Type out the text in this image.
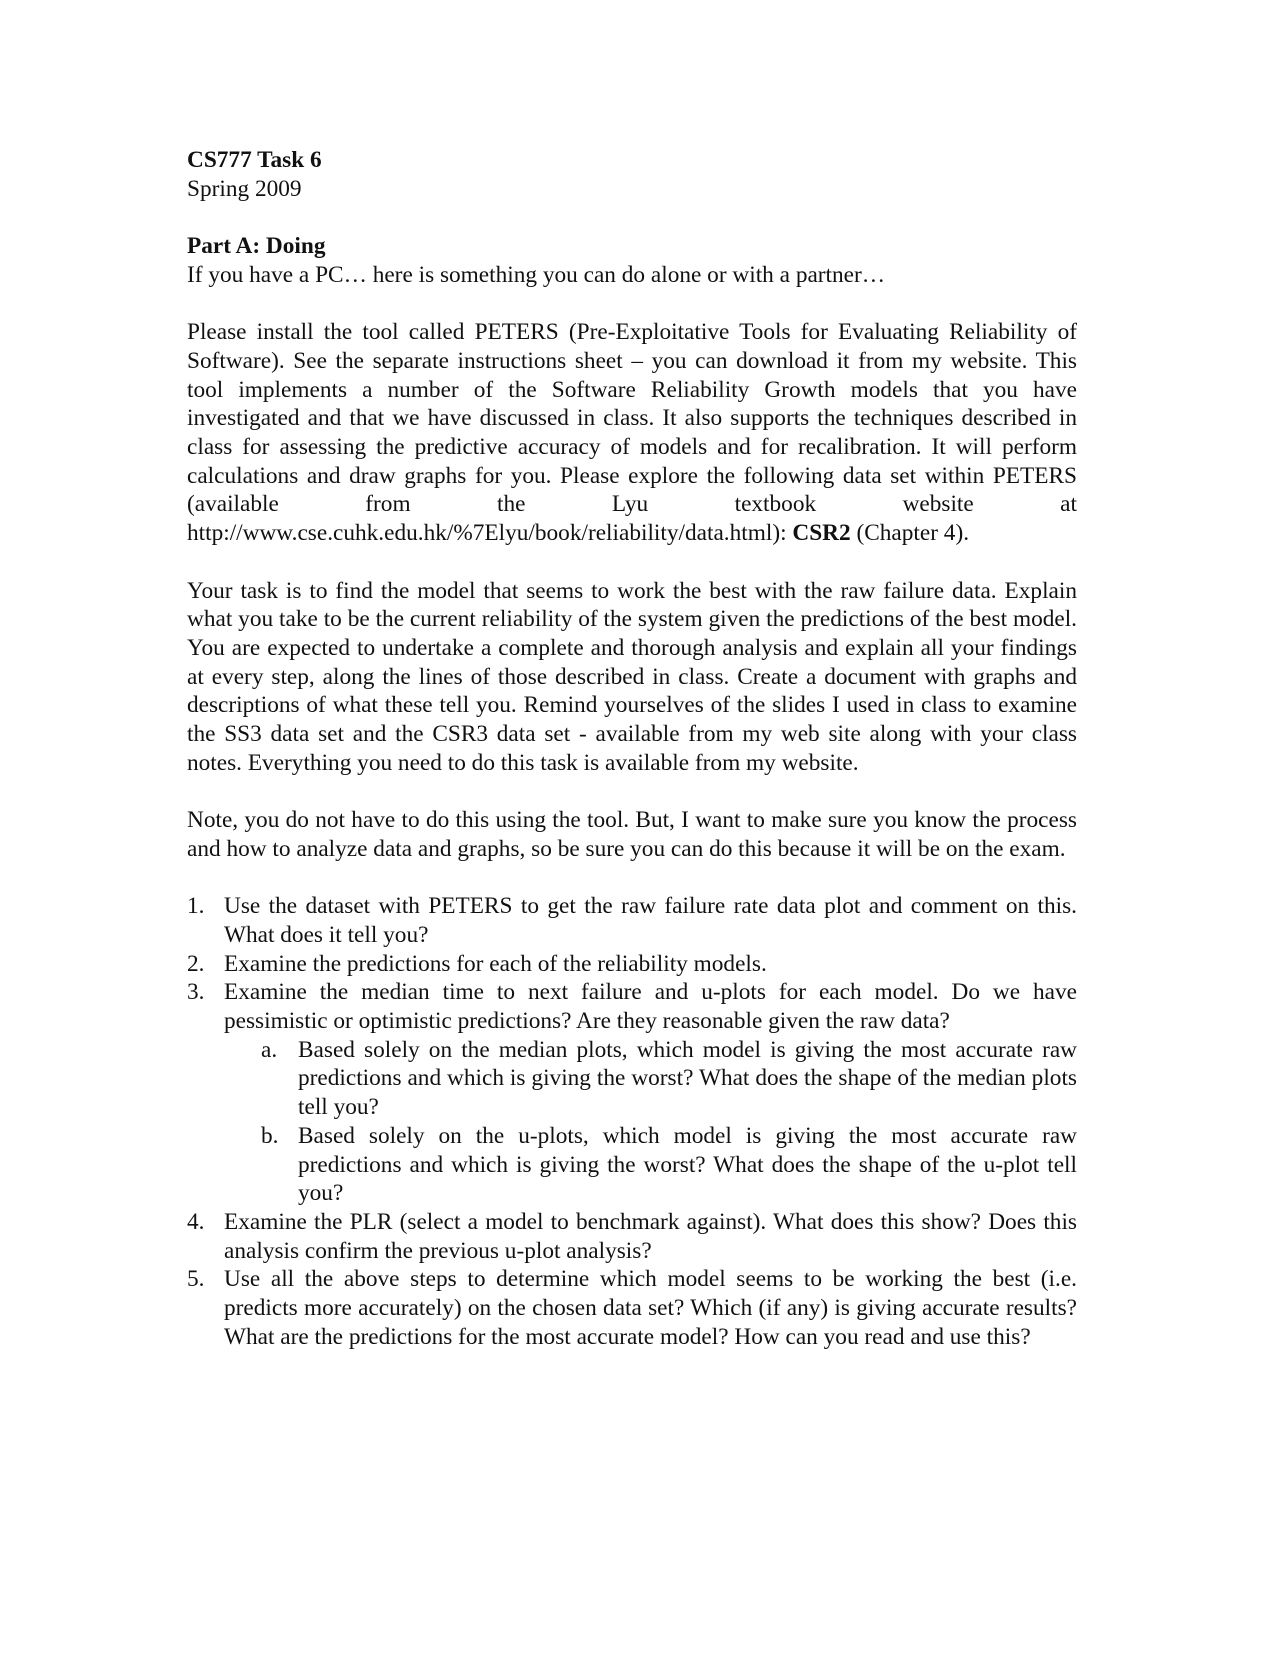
CS777 Task 6

Spring 2009

Part A: Doing

If you have a PC… here is something you can do alone or with a partner…

Please install the tool called PETERS (Pre-Exploitative Tools for Evaluating Reliability of Software). See the separate instructions sheet – you can download it from my website. This tool implements a number of the Software Reliability Growth models that you have investigated and that we have discussed in class. It also supports the techniques described in class for assessing the predictive accuracy of models and for recalibration. It will perform calculations and draw graphs for you. Please explore the following data set within PETERS (available from the Lyu textbook website at http://www.cse.cuhk.edu.hk/%7Elyu/book/reliability/data.html): CSR2 (Chapter 4).

Your task is to find the model that seems to work the best with the raw failure data. Explain what you take to be the current reliability of the system given the predictions of the best model. You are expected to undertake a complete and thorough analysis and explain all your findings at every step, along the lines of those described in class. Create a document with graphs and descriptions of what these tell you. Remind yourselves of the slides I used in class to examine the SS3 data set and the CSR3 data set - available from my web site along with your class notes. Everything you need to do this task is available from my website.

Note, you do not have to do this using the tool. But, I want to make sure you know the process and how to analyze data and graphs, so be sure you can do this because it will be on the exam.

1. Use the dataset with PETERS to get the raw failure rate data plot and comment on this. What does it tell you?
2. Examine the predictions for each of the reliability models.
3. Examine the median time to next failure and u-plots for each model. Do we have pessimistic or optimistic predictions? Are they reasonable given the raw data?
a. Based solely on the median plots, which model is giving the most accurate raw predictions and which is giving the worst? What does the shape of the median plots tell you?
b. Based solely on the u-plots, which model is giving the most accurate raw predictions and which is giving the worst? What does the shape of the u-plot tell you?
4. Examine the PLR (select a model to benchmark against). What does this show? Does this analysis confirm the previous u-plot analysis?
5. Use all the above steps to determine which model seems to be working the best (i.e. predicts more accurately) on the chosen data set? Which (if any) is giving accurate results? What are the predictions for the most accurate model? How can you read and use this?
